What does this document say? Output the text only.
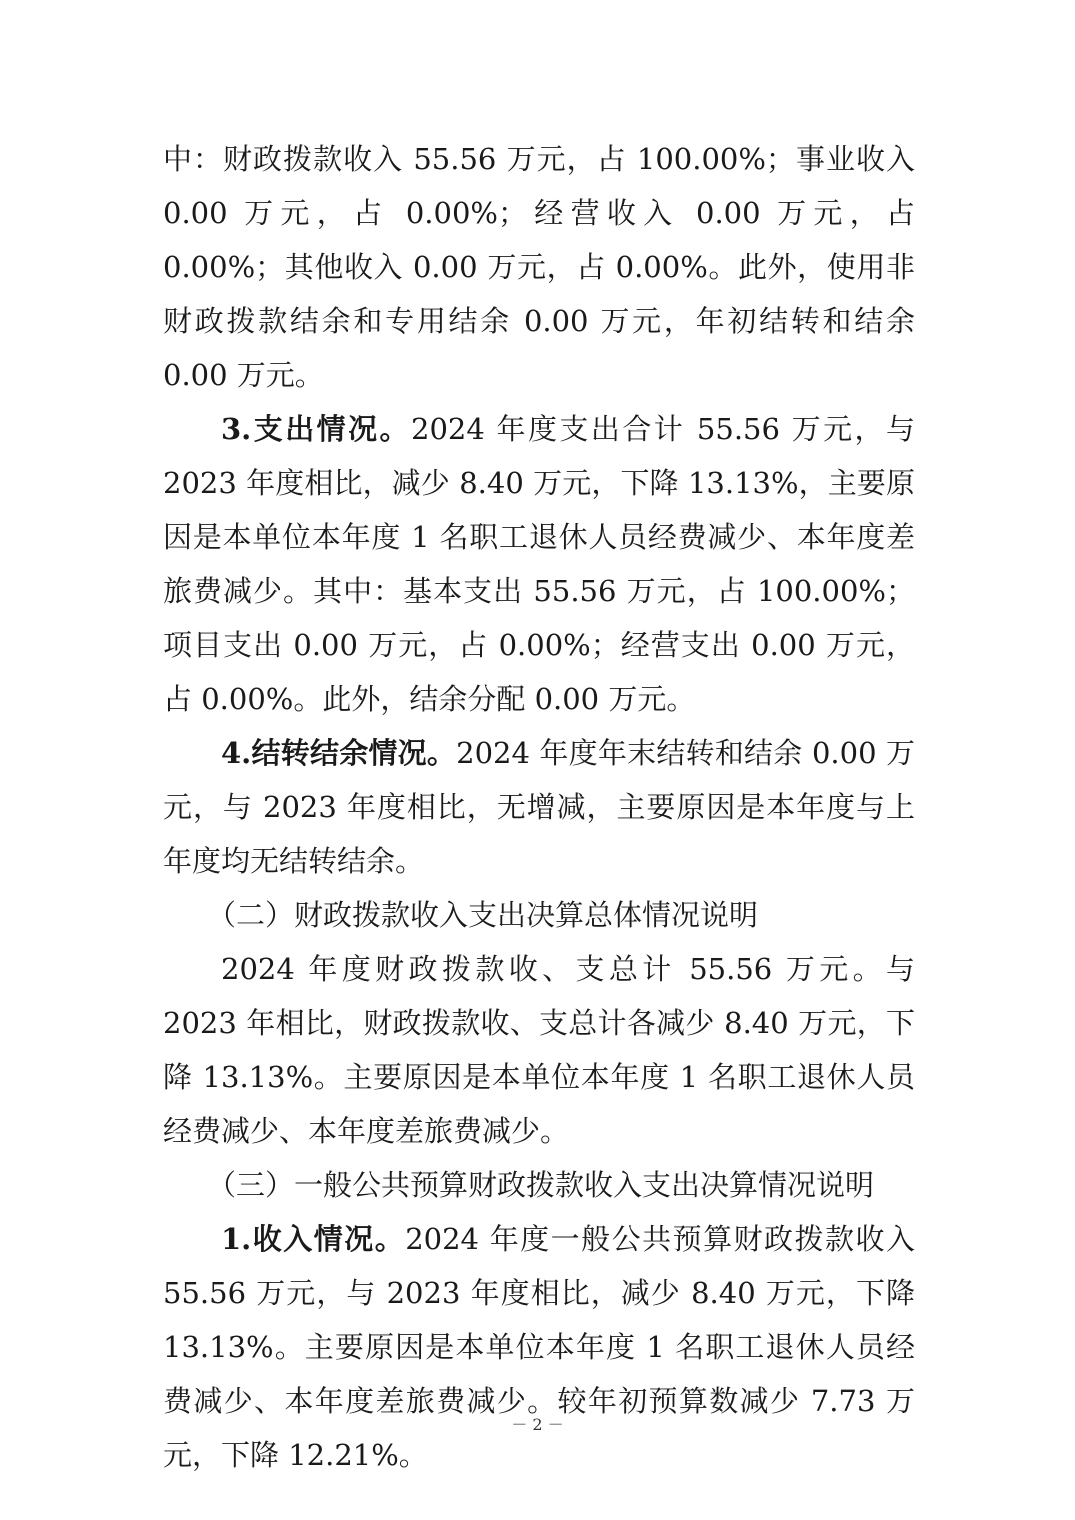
中：财政拨款收入 55.56 万元，占 100.00%；事业收入 0.00 万元，占 0.00%；经营收入 0.00 万元，占 0.00%；其他收入 0.00 万元，占 0.00%。此外，使用非财政拨款结余和专用结余 0.00 万元，年初结转和结余 0.00 万元。

3.支出情况。2024 年度支出合计 55.56 万元，与 2023 年度相比，减少 8.40 万元，下降 13.13%，主要原因是本单位本年度 1 名职工退休人员经费减少、本年度差旅费减少。其中：基本支出 55.56 万元，占 100.00%；项目支出 0.00 万元，占 0.00%；经营支出 0.00 万元，占 0.00%。此外，结余分配 0.00 万元。

4.结转结余情况。2024 年度年末结转和结余 0.00 万元，与 2023 年度相比，无增减，主要原因是本年度与上年度均无结转结余。

（二）财政拨款收入支出决算总体情况说明

2024 年度财政拨款收、支总计 55.56 万元。与 2023 年相比，财政拨款收、支总计各减少 8.40 万元，下降 13.13%。主要原因是本单位本年度 1 名职工退休人员经费减少、本年度差旅费减少。

（三）一般公共预算财政拨款收入支出决算情况说明

1.收入情况。2024 年度一般公共预算财政拨款收入 55.56 万元，与 2023 年度相比，减少 8.40 万元，下降 13.13%。主要原因是本单位本年度 1 名职工退休人员经费减少、本年度差旅费减少。较年初预算数减少 7.73 万元，下降 12.21%。

－ 2 －
